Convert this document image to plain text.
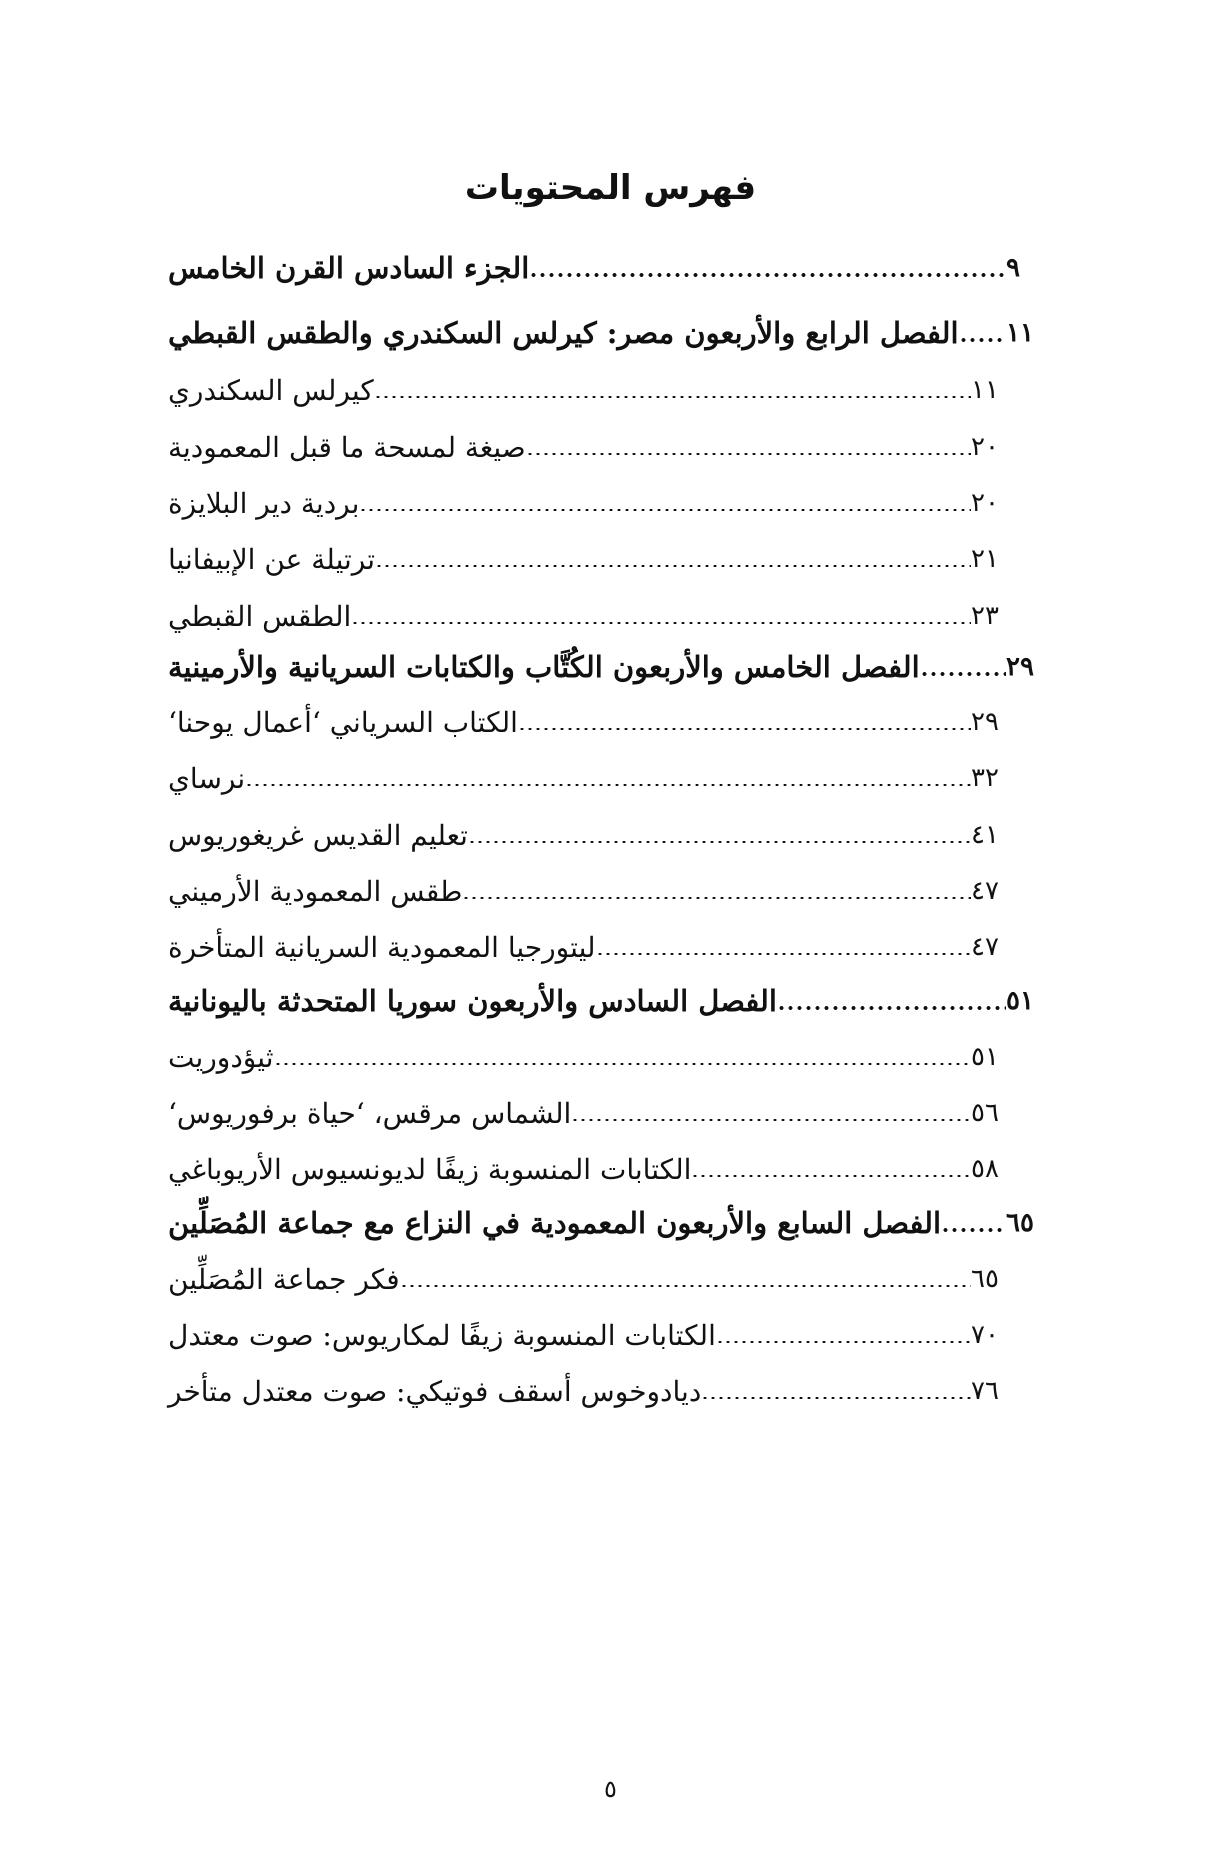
فهرس المحتويات
الجزء السادس القرن الخامس	٩
الفصل الرابع والأربعون مصر: كيرلس السكندري والطقس القبطي ١١
كيرلس السكندري	١١
صيغة لمسحة ما قبل المعمودية	٢٠
بردية دير البلايزة	٢٠
ترتيلة عن الإبيفانيا	٢١
الطقس القبطي	٢٣
الفصل الخامس والأربعون الكُتَّاب والكتابات السريانية والأرمينية	٢٩
الكتاب السرياني ‘أعمال يوحنا‘	٢٩
نرساي	٣٢
تعليم القديس غريغوريوس	٤١
طقس المعمودية الأرميني	٤٧
ليتورجيا المعمودية السريانية المتأخرة	٤٧
الفصل السادس والأربعون سوريا المتحدثة باليونانية	٥١
ثيؤدوريت	٥١
الشماس مرقس، ‘حياة برفوريوس‘	٥٦
الكتابات المنسوبة زيفًا لديونسيوس الأريوباغي	٥٨
الفصل السابع والأربعون المعمودية في النزاع مع جماعة المُصَلِّين ٦٥
فكر جماعة المُصَلِّين	٦٥
الكتابات المنسوبة زيفًا لمكاريوس: صوت معتدل	٧٠
ديادوخوس أسقف فوتيكي: صوت معتدل متأخر	٧٦
٥
